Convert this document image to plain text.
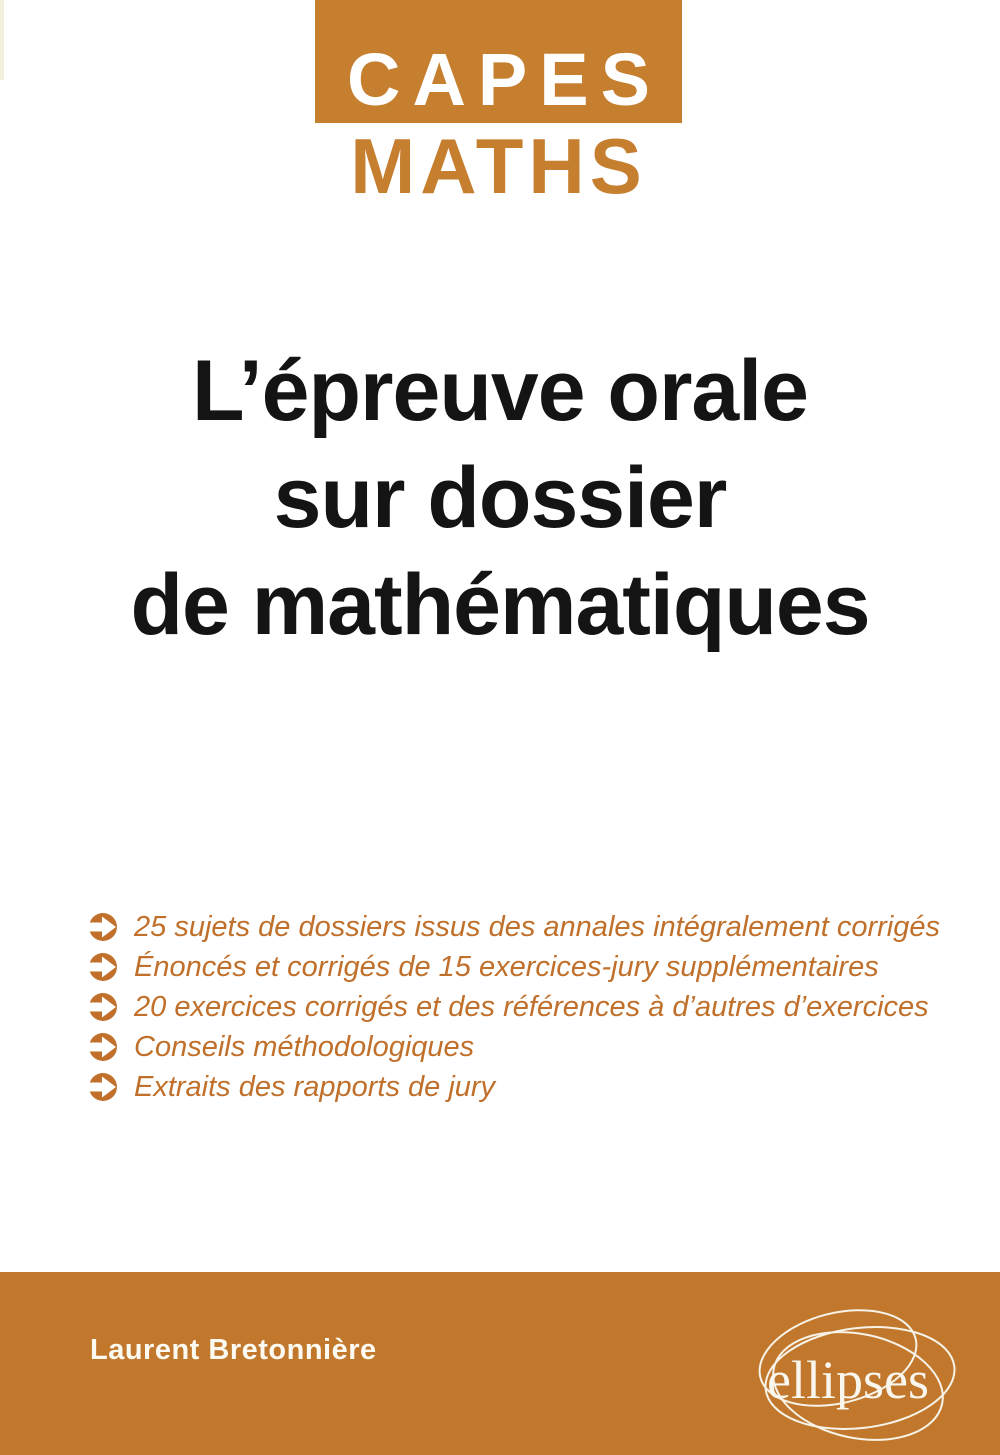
CAPES
MATHS
L’épreuve orale
sur dossier
de mathématiques
25 sujets de dossiers issus des annales intégralement corrigés
Énoncés et corrigés de 15 exercices-jury supplémentaires
20 exercices corrigés et des références à d’autres d’exercices
Conseils méthodologiques
Extraits des rapports de jury
Laurent Bretonnière	ellipses
